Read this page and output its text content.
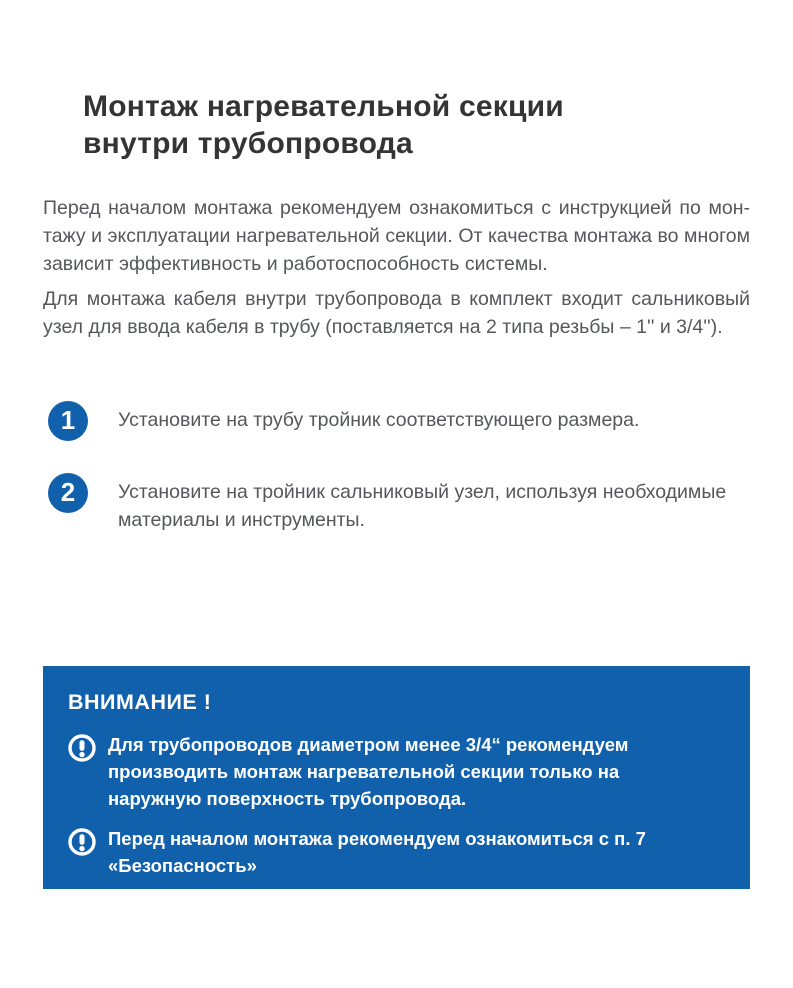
Монтаж нагревательной секции
внутри трубопровода

Перед началом монтажа рекомендуем ознакомиться с инструкцией по монтажу и эксплуатации нагревательной секции. От качества монтажа во многом зависит эффективность и работоспособность системы.

Для монтажа кабеля внутри трубопровода в комплект входит сальниковый узел для ввода кабеля в трубу (поставляется на 2 типа резьбы – 1'' и 3/4'').

1	Установите на трубу тройник соответствующего размера.
2	Установите на тройник сальниковый узел, используя необходимые материалы и инструменты.
ВНИМАНИЕ !
Для трубопроводов диаметром менее 3/4“ рекомендуем производить монтаж нагревательной секции только на наружную поверхность трубопровода.
Перед началом монтажа рекомендуем ознакомиться с п. 7 «Безопасность»
